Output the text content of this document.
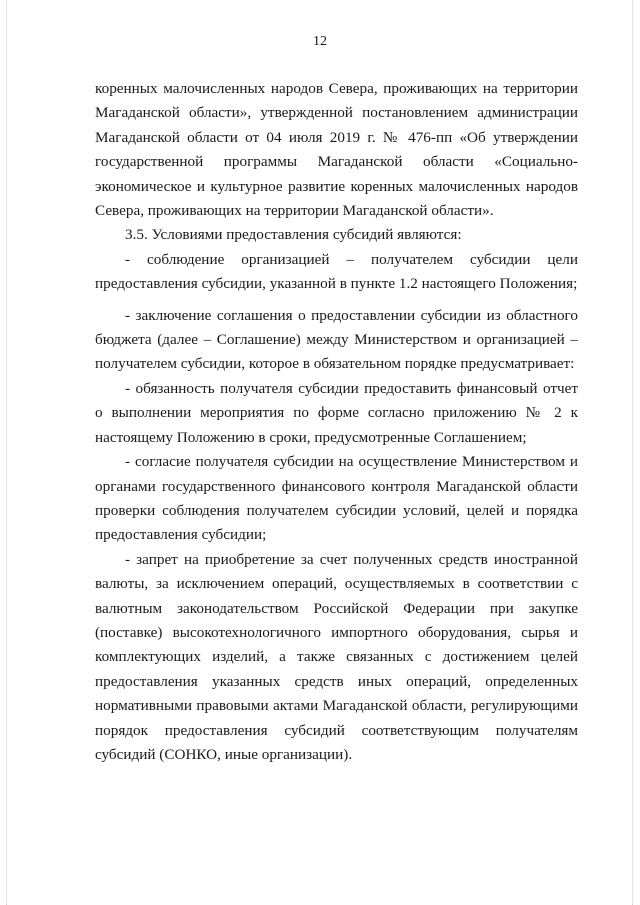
12

коренных малочисленных народов Севера, проживающих на территории Магаданской области», утвержденной постановлением администрации Магаданской области от 04 июля 2019 г. № 476-пп «Об утверждении государственной программы Магаданской области «Социально-экономическое и культурное развитие коренных малочисленных народов Севера, проживающих на территории Магаданской области».

3.5. Условиями предоставления субсидий являются:

- соблюдение организацией – получателем субсидии цели предоставления субсидии, указанной в пункте 1.2 настоящего Положения;

- заключение соглашения о предоставлении субсидии из областного бюджета (далее – Соглашение) между Министерством и организацией – получателем субсидии, которое в обязательном порядке предусматривает:

- обязанность получателя субсидии предоставить финансовый отчет о выполнении мероприятия по форме согласно приложению № 2 к настоящему Положению в сроки, предусмотренные Соглашением;

- согласие получателя субсидии на осуществление Министерством и органами государственного финансового контроля Магаданской области проверки соблюдения получателем субсидии условий, целей и порядка предоставления субсидии;

- запрет на приобретение за счет полученных средств иностранной валюты, за исключением операций, осуществляемых в соответствии с валютным законодательством Российской Федерации при закупке (поставке) высокотехнологичного импортного оборудования, сырья и комплектующих изделий, а также связанных с достижением целей предоставления указанных средств иных операций, определенных нормативными правовыми актами Магаданской области, регулирующими порядок предоставления субсидий соответствующим получателям субсидий (СОНКО, иные организации).
